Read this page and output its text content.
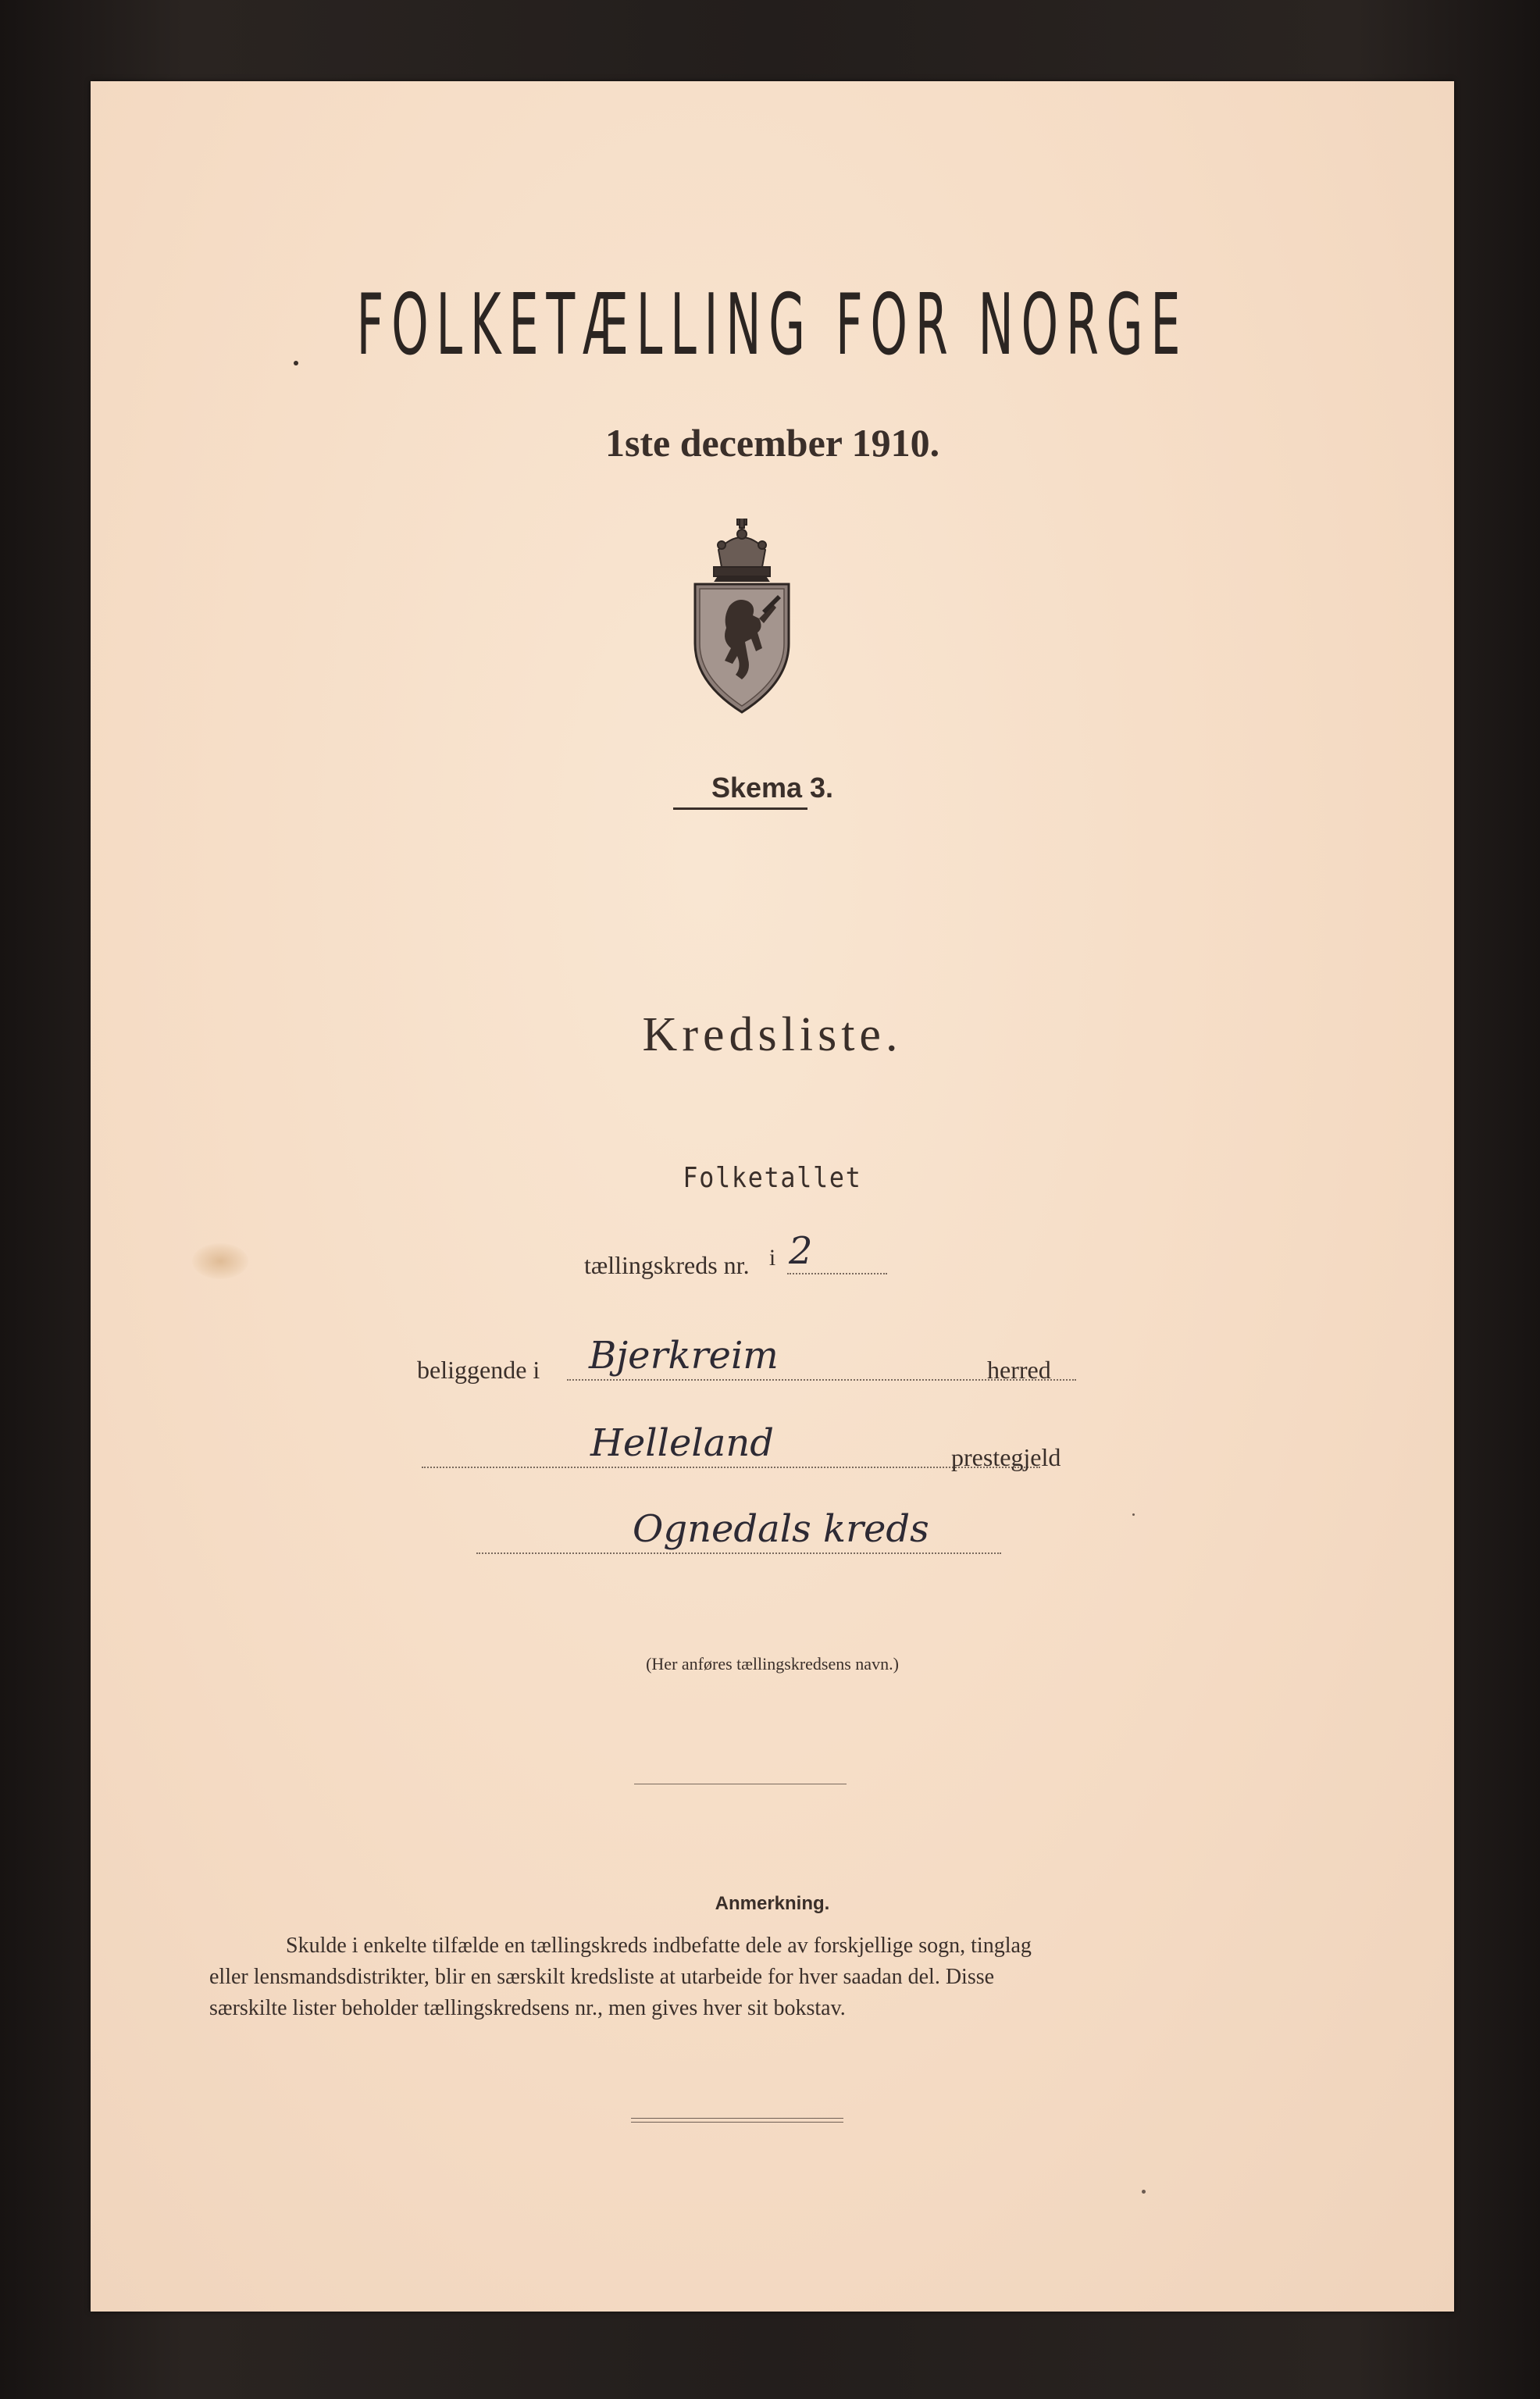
FOLKETÆLLING FOR NORGE
1ste december 1910.
Skema 3.
Kredsliste.
Folketallet
i
tællingskreds nr. 2
beliggende i Bjerkreim	herred
Helleland	prestegjeld
Ognedals kreds
(Her anføres tællingskredsens navn.)
Anmerkning.
Skulde i enkelte tilfælde en tællingskreds indbefatte dele av forskjellige sogn, tinglag
eller lensmandsdistrikter, blir en særskilt kredsliste at utarbeide for hver saadan del. Disse
særskilte lister beholder tællingskredsens nr., men gives hver sit bokstav.
